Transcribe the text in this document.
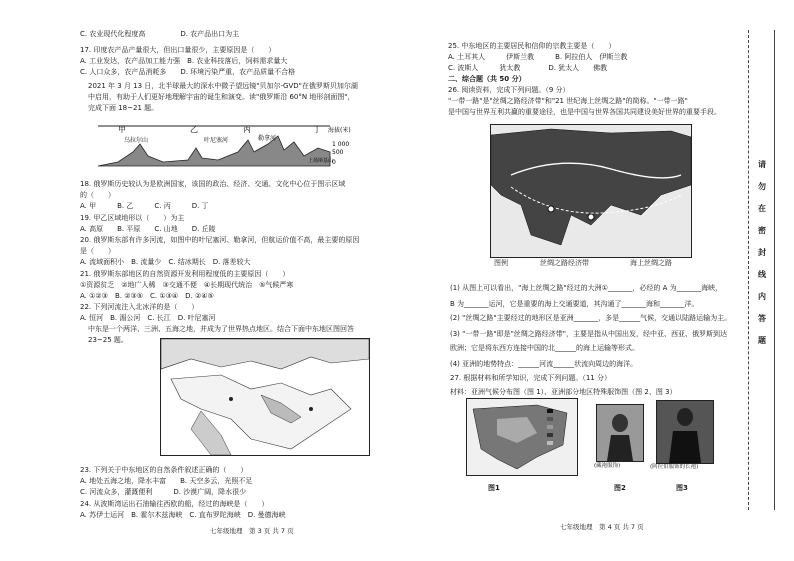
C. 农业现代化程度高　　　　　D. 农产品出口为主
17. 印度农产品产量很大，但出口量很少，主要原因是（　　）
A. 工业发达，农产品加工能力强　B. 农业科技落后，饲料需求量大
C. 人口众多，农产品消耗多　　D. 环境污染严重，农产品质量不合格
2021 年 3 月 13 日，北半球最大的深水中微子望远镜"贝加尔-GVD"在俄罗斯贝加尔湖
中启用，有助于人们更好地理解宇宙的诞生和演变。读"俄罗斯沿 60°N 地形剖面图"，
完成下面 18~21 题。
18. 俄罗斯历史较认为是欧洲国家，该国的政治、经济、交通、文化中心位于图示区域
的（　　）
A. 甲　　　B. 乙　　　C. 丙　　　D. 丁
19. 甲乙区域地形以（　　）为主
A. 高原　　B. 平原　　C. 山地　　D. 丘陵
20. 俄罗斯东部有许多河流，如图中的叶尼塞河、勒拿河，但航运价值不高，最主要的原因
是（　　）
A. 流域面积小　B. 流量少　C. 结冰期长　D. 落差较大
21. 俄罗斯东部地区的自然资源开发利用程度低的主要原因（　　）
①资源贫乏　②地广人稀　③交通不便　④长期现代统治　⑤气候严寒
A. ①②③　B. ②③⑤　C. ①③④　D. ②④⑤
22. 下列河流注入北冰洋的是（　　）
A. 恒河　B. 湄公河　C. 长江　D. 叶尼塞河
中东是一个两洋、三洲、五海之地，并成为了世界热点地区。结合下面中东地区图回答
23~25 题。
23. 下列关于中东地区的自然条件叙述正确的（　　）
A. 地处五海之地，降水丰富　　B. 天空多云，光照不足
C. 河流众多，灌溉便利　　　D. 沙漠广阔，降水很少
24. 从波斯湾运出石油输往西欧的船，经过的海峡是（　　）
A. 苏伊士运河　B. 霍尔木兹海峡　C. 直布罗陀海峡　D. 曼德海峡
甲	乙	丙	丁
乌拉尔山	叶尼塞河	勒拿河
上扬斯基山
海拔(米)
1 000
500
0
25. 中东地区的主要居民和信仰的宗教主要是（　　）
A. 土耳其人　　　伊斯兰教　　　B. 阿拉伯人　伊斯兰教
C. 波斯人　　　犹太教　　　　D. 犹太人　　佛教
二、综合题（共 50 分）
26. 阅读资料，完成下列问题。（9 分）
"一带一路"是"丝绸之路经济带"和"21 世纪海上丝绸之路"的简称。"一带一路"
是中国与世界互利共赢的重要途径，也是中国与世界各国共同建设美好世界的重要手段。
图例	丝绸之路经济带	海上丝绸之路
(1) 从图上可以看出，"海上丝绸之路"经过的大洲①_______，必经的 A 为_______海峡，
B 为_______运河，它是重要的海上交通要道，其沟通了_______海和_______洋。
(2) "丝绸之路"主要经过的地形区是亚洲_______，多是______气候，交通以陆路运输为主。
(3) "一带一路"即是"丝绸之路经济带"，主要是指从中国出发，经中亚、西亚、俄罗斯到达
欧洲；它是将东西方连接中国的北______的海上运输等形式。
(4) 亚洲的地势特点：______河流______状流向周边的海洋。
27. 根据材料和所学知识，完成下列问题。（11 分）
材料：亚洲气候分布图（图 1）、亚洲部分地区特殊服饰图（图 2、图 3）
(藏袍服饰)	(阿拉伯服饰的长袍)
图1	图2	图3
七年级地理　第 3 页 共 7 页	七年级地理　第 4 页 共 7 页
请
勿
在
密
封
线
内
答
题
